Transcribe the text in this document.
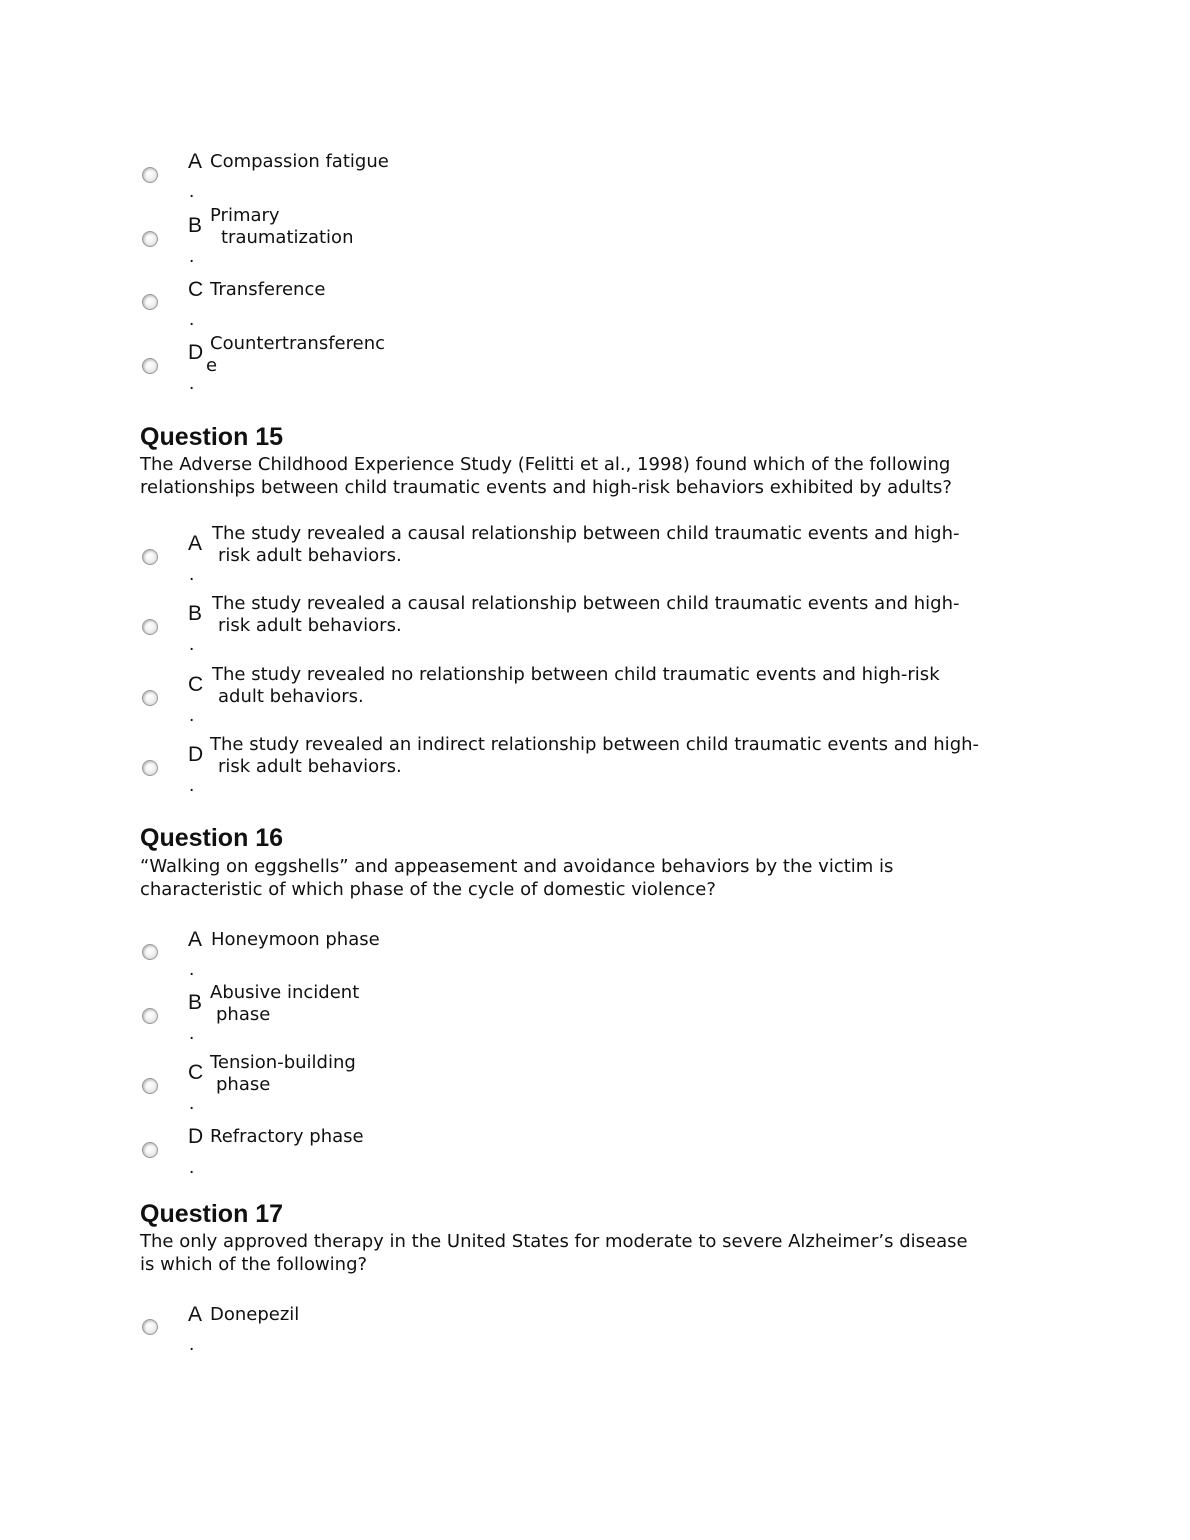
A
.
Compassion fatigue
B
.
Primary
traumatization
C
.
Transference
D
.
Countertransferenc
e
Question 15
The Adverse Childhood Experience Study (Felitti et al., 1998) found which of the following
relationships between child traumatic events and high-risk behaviors exhibited by adults?
A
.
The study revealed a causal relationship between child traumatic events and high-
risk adult behaviors.
B
.
The study revealed a causal relationship between child traumatic events and high-
risk adult behaviors.
C
.
The study revealed no relationship between child traumatic events and high-risk
adult behaviors.
D
.
The study revealed an indirect relationship between child traumatic events and high-
risk adult behaviors.
Question 16
“Walking on eggshells” and appeasement and avoidance behaviors by the victim is
characteristic of which phase of the cycle of domestic violence?
A
.
Honeymoon phase
B
.
Abusive incident
phase
C
.
Tension-building
phase
D
.
Refractory phase
Question 17
The only approved therapy in the United States for moderate to severe Alzheimer’s disease
is which of the following?
A
.
Donepezil
